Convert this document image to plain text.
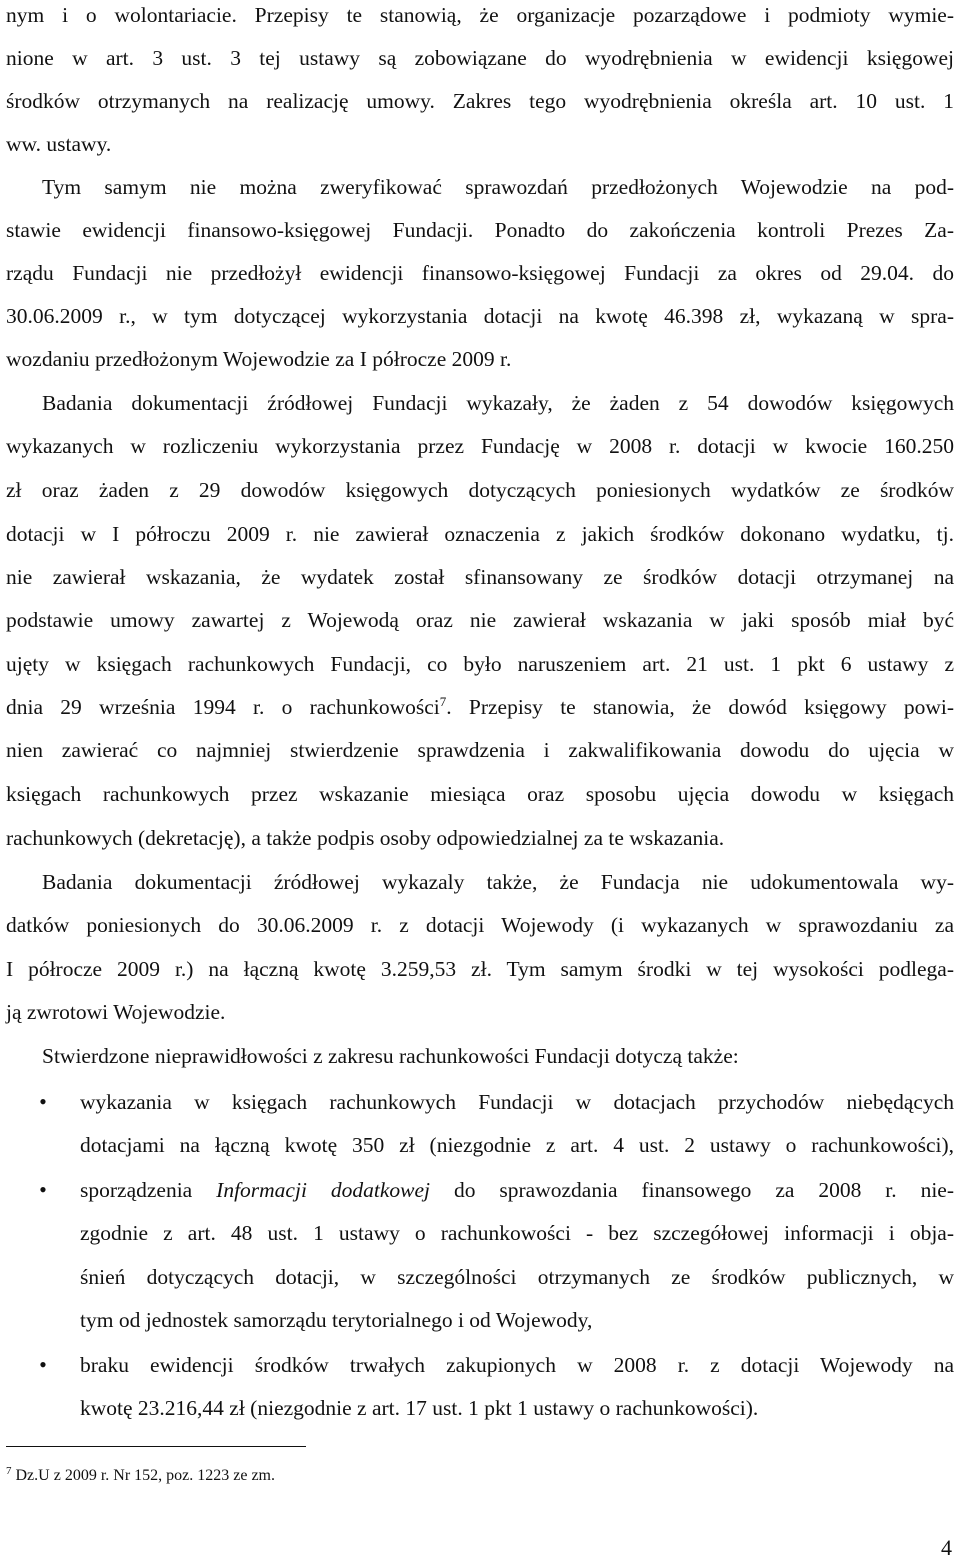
nym i o wolontariacie. Przepisy te stanowią, że organizacje pozarządowe i podmioty wymie-
nione w art. 3 ust. 3 tej ustawy są zobowiązane do wyodrębnienia w ewidencji księgowej
środków otrzymanych na realizację umowy. Zakres tego wyodrębnienia określa art. 10 ust. 1
ww. ustawy.
Tym samym nie można zweryfikować sprawozdań przedłożonych Wojewodzie na pod-
stawie ewidencji finansowo-księgowej Fundacji. Ponadto do zakończenia kontroli Prezes Za-
rządu Fundacji nie przedłożył ewidencji finansowo-księgowej Fundacji za okres od 29.04. do
30.06.2009 r., w tym dotyczącej wykorzystania dotacji na kwotę 46.398 zł, wykazaną w spra-
wozdaniu przedłożonym Wojewodzie za I półrocze 2009 r.
Badania dokumentacji źródłowej Fundacji wykazały, że żaden z 54 dowodów księgowych
wykazanych w rozliczeniu wykorzystania przez Fundację w 2008 r. dotacji w kwocie 160.250
zł oraz żaden z 29 dowodów księgowych dotyczących poniesionych wydatków ze środków
dotacji w I półroczu 2009 r. nie zawierał oznaczenia z jakich środków dokonano wydatku, tj.
nie zawierał wskazania, że wydatek został sfinansowany ze środków dotacji otrzymanej na
podstawie umowy zawartej z Wojewodą oraz nie zawierał wskazania w jaki sposób miał być
ujęty w księgach rachunkowych Fundacji, co było naruszeniem art. 21 ust. 1 pkt 6 ustawy z
dnia 29 września 1994 r. o rachunkowości$^7$. Przepisy te stanowia, że dowód księgowy powi-
nien zawierać co najmniej stwierdzenie sprawdzenia i zakwalifikowania dowodu do ujęcia w
księgach rachunkowych przez wskazanie miesiąca oraz sposobu ujęcia dowodu w księgach
rachunkowych (dekretację), a także podpis osoby odpowiedzialnej za te wskazania.
Badania dokumentacji źródłowej wykazaly także, że Fundacja nie udokumentowala wy-
datków poniesionych do 30.06.2009 r. z dotacji Wojewody (i wykazanych w sprawozdaniu za
I półrocze 2009 r.) na łączną kwotę 3.259,53 zł. Tym samym środki w tej wysokości podlega-
ją zwrotowi Wojewodzie.
Stwierdzone nieprawidłowości z zakresu rachunkowości Fundacji dotyczą także:
• wykazania w księgach rachunkowych Fundacji w dotacjach przychodów niebędących
dotacjami na łączną kwotę 350 zł (niezgodnie z art. 4 ust. 2 ustawy o rachunkowości),
• sporządzenia Informacji dodatkowej do sprawozdania finansowego za 2008 r. nie-
zgodnie z art. 48 ust. 1 ustawy o rachunkowości - bez szczegółowej informacji i obja-
śnień dotyczących dotacji, w szczególności otrzymanych ze środków publicznych, w
tym od jednostek samorządu terytorialnego i od Wojewody,
• braku ewidencji środków trwałych zakupionych w 2008 r. z dotacji Wojewody na
kwotę 23.216,44 zł (niezgodnie z art. 17 ust. 1 pkt 1 ustawy o rachunkowości).
$^7$ Dz.U z 2009 r. Nr 152, poz. 1223 ze zm.
4
